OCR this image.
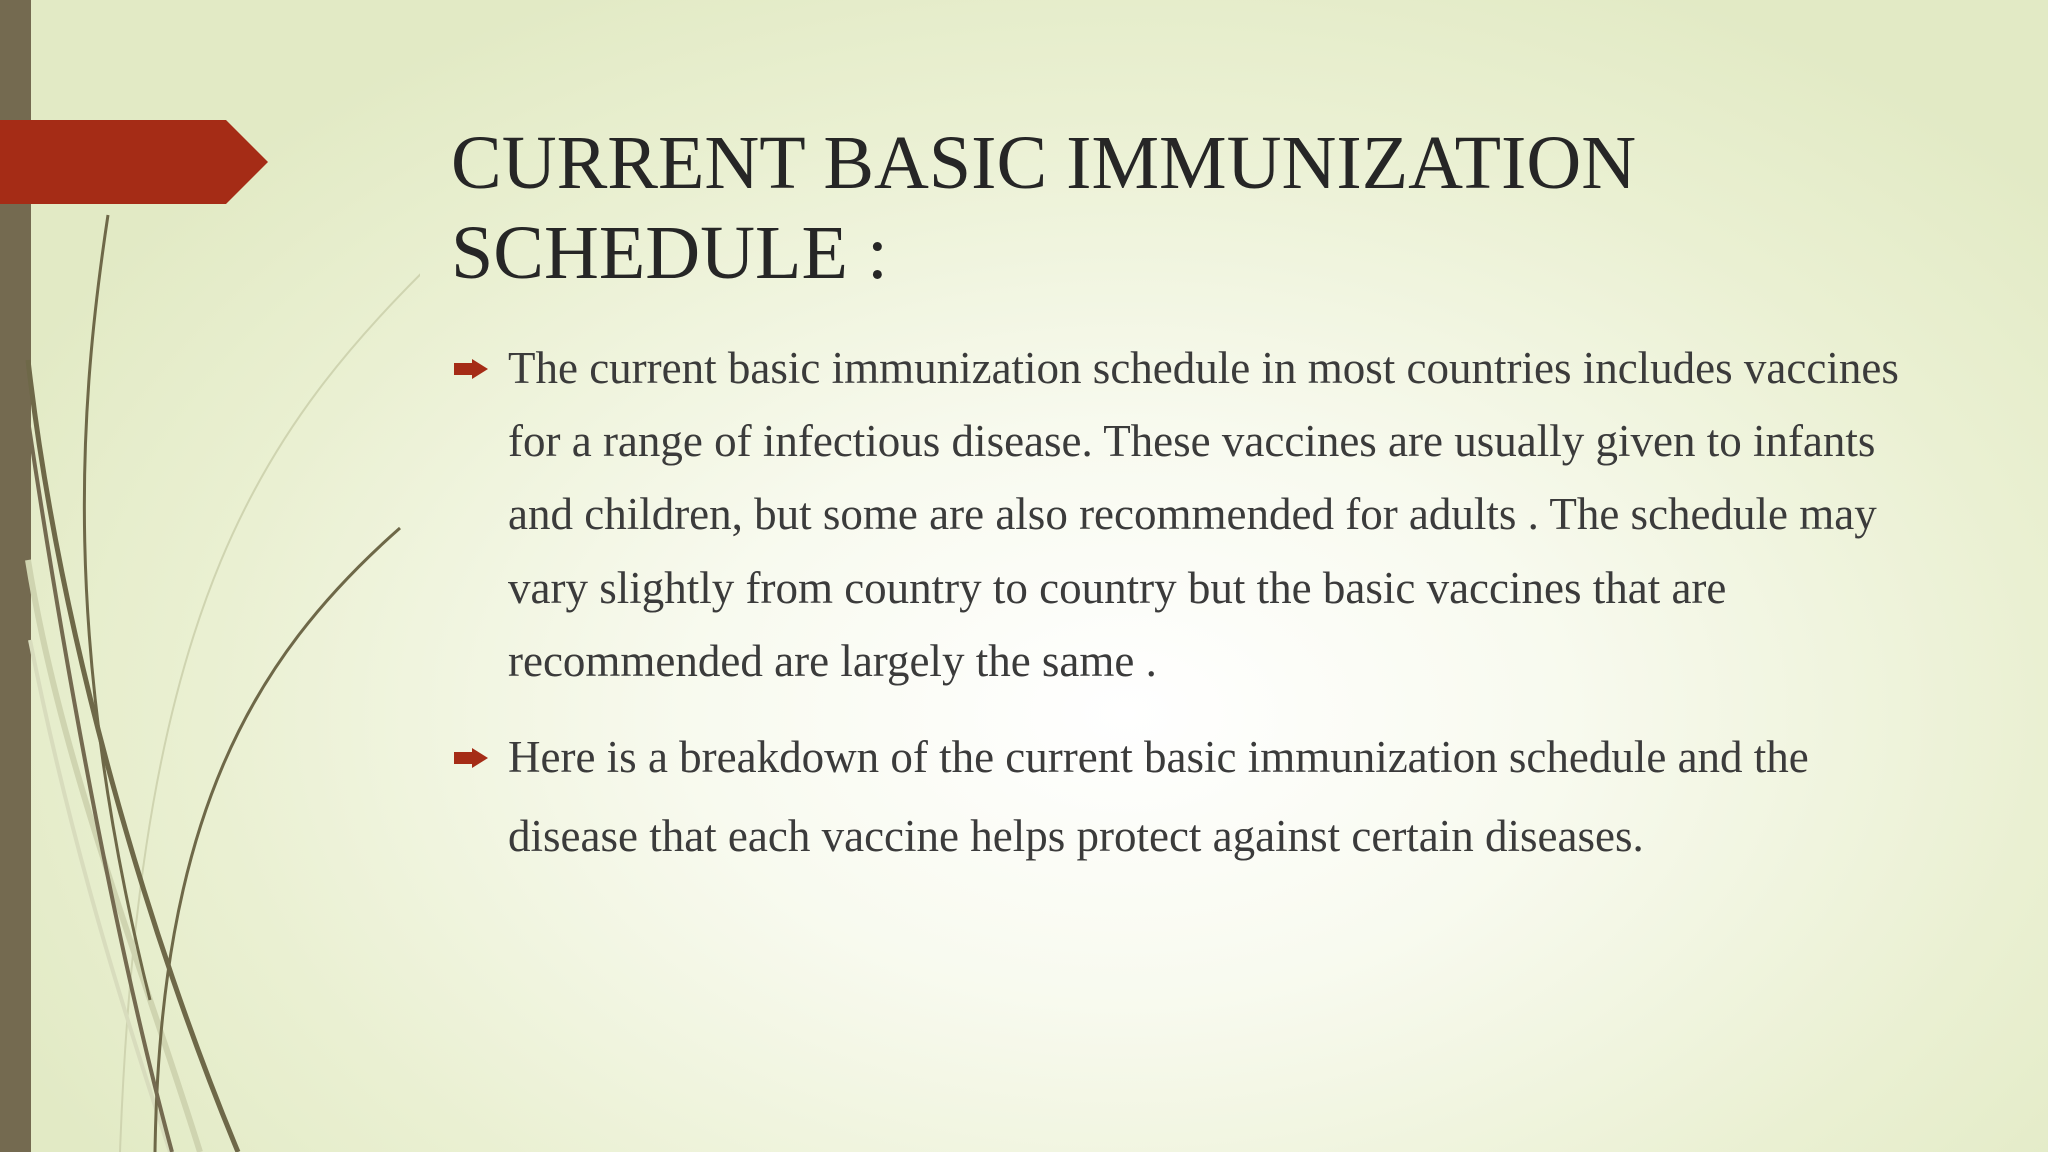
CURRENT BASIC IMMUNIZATION SCHEDULE :
The current basic immunization schedule in most countries includes vaccines for a range of infectious disease. These vaccines are usually given to infants and children, but some are also recommended for adults . The schedule may vary slightly from country to country but the basic vaccines that are recommended are largely the same .
Here is a breakdown of the current basic immunization schedule and the disease that each vaccine helps protect against certain diseases.
